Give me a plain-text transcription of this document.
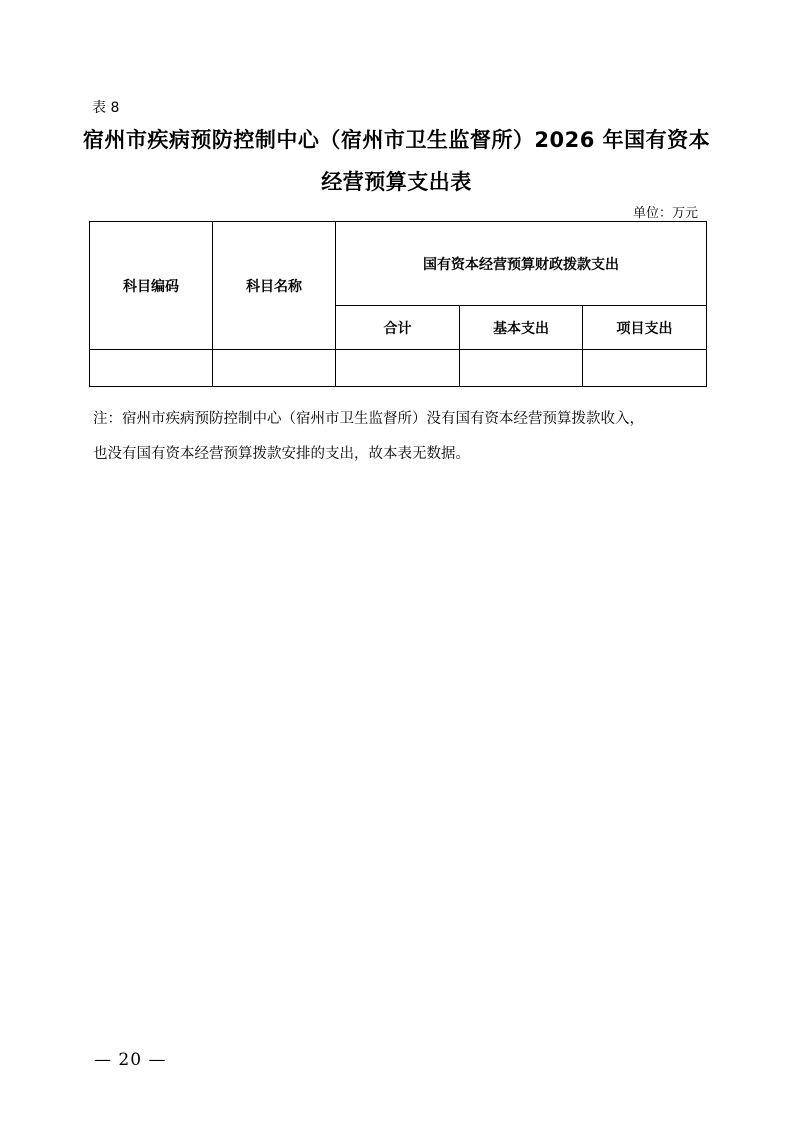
表 8
宿州市疾病预防控制中心（宿州市卫生监督所）2026 年国有资本
经营预算支出表
单位：万元
科目编码	科目名称	国有资本经营预算财政拨款支出		
		合计	基本支出	项目支出

注：宿州市疾病预防控制中心（宿州市卫生监督所）没有国有资本经营预算拨款收入，

也没有国有资本经营预算拨款安排的支出，故本表无数据。

— 20 —
